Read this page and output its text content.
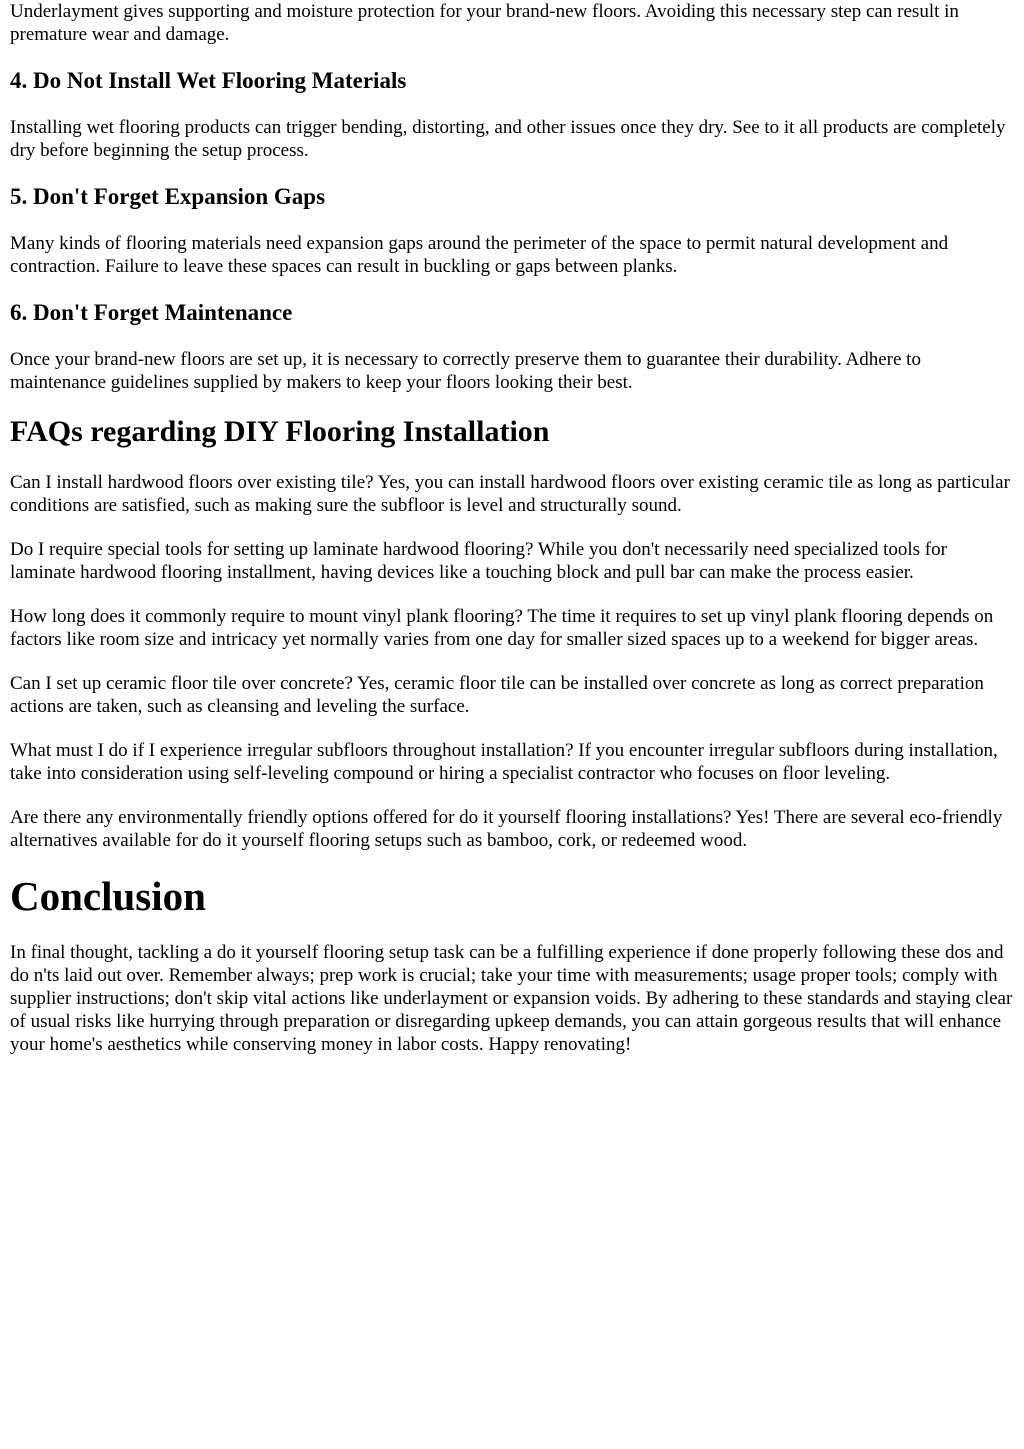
Underlayment gives supporting and moisture protection for your brand-new floors. Avoiding this necessary step can result in premature wear and damage.

4. Do Not Install Wet Flooring Materials

Installing wet flooring products can trigger bending, distorting, and other issues once they dry. See to it all products are completely dry before beginning the setup process.

5. Don't Forget Expansion Gaps

Many kinds of flooring materials need expansion gaps around the perimeter of the space to permit natural development and contraction. Failure to leave these spaces can result in buckling or gaps between planks.

6. Don't Forget Maintenance

Once your brand-new floors are set up, it is necessary to correctly preserve them to guarantee their durability. Adhere to maintenance guidelines supplied by makers to keep your floors looking their best.

FAQs regarding DIY Flooring Installation

Can I install hardwood floors over existing tile? Yes, you can install hardwood floors over existing ceramic tile as long as particular conditions are satisfied, such as making sure the subfloor is level and structurally sound.

Do I require special tools for setting up laminate hardwood flooring? While you don't necessarily need specialized tools for laminate hardwood flooring installment, having devices like a touching block and pull bar can make the process easier.

How long does it commonly require to mount vinyl plank flooring? The time it requires to set up vinyl plank flooring depends on factors like room size and intricacy yet normally varies from one day for smaller sized spaces up to a weekend for bigger areas.

Can I set up ceramic floor tile over concrete? Yes, ceramic floor tile can be installed over concrete as long as correct preparation actions are taken, such as cleansing and leveling the surface.

What must I do if I experience irregular subfloors throughout installation? If you encounter irregular subfloors during installation, take into consideration using self-leveling compound or hiring a specialist contractor who focuses on floor leveling.

Are there any environmentally friendly options offered for do it yourself flooring installations? Yes! There are several eco-friendly alternatives available for do it yourself flooring setups such as bamboo, cork, or redeemed wood.

Conclusion

In final thought, tackling a do it yourself flooring setup task can be a fulfilling experience if done properly following these dos and do n'ts laid out over. Remember always; prep work is crucial; take your time with measurements; usage proper tools; comply with supplier instructions; don't skip vital actions like underlayment or expansion voids. By adhering to these standards and staying clear of usual risks like hurrying through preparation or disregarding upkeep demands, you can attain gorgeous results that will enhance your home's aesthetics while conserving money in labor costs. Happy renovating!
